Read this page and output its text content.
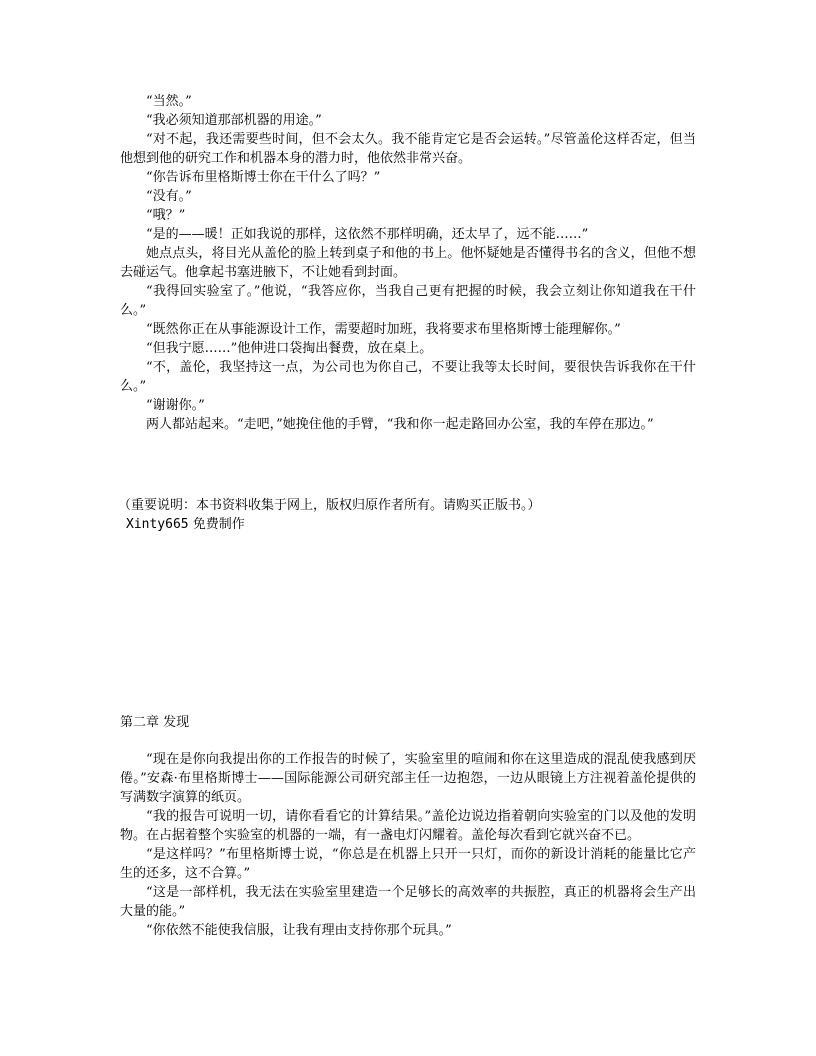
“当然。”

“我必须知道那部机器的用途。”

“对不起，我还需要些时间，但不会太久。我不能肯定它是否会运转。”尽管盖伦这样否定，但当他想到他的研究工作和机器本身的潜力时，他依然非常兴奋。

“你告诉布里格斯博士你在干什么了吗？”

“没有。”

“哦？”

“是的——暖！正如我说的那样，这依然不那样明确，还太早了，远不能……”

她点点头，将目光从盖伦的脸上转到桌子和他的书上。他怀疑她是否懂得书名的含义，但他不想去碰运气。他拿起书塞进腋下，不让她看到封面。

“我得回实验室了。”他说，“我答应你，当我自己更有把握的时候，我会立刻让你知道我在干什么。”

“既然你正在从事能源设计工作，需要超时加班，我将要求布里格斯博士能理解你。”

“但我宁愿……”他伸进口袋掏出餐费，放在桌上。

“不，盖伦，我坚持这一点，为公司也为你自己，不要让我等太长时间，要很快告诉我你在干什么。”

“谢谢你。”

两人都站起来。“走吧，”她挽住他的手臂，“我和你一起走路回办公室，我的车停在那边。”

（重要说明：本书资料收集于网上，版权归原作者所有。请购买正版书。）

Xinty665 免费制作

第二章 发现

“现在是你向我提出你的工作报告的时候了，实验室里的喧闹和你在这里造成的混乱使我感到厌倦。”安森·布里格斯博士——国际能源公司研究部主任一边抱怨，一边从眼镜上方注视着盖伦提供的写满数字演算的纸页。

“我的报告可说明一切，请你看看它的计算结果。”盖伦边说边指着朝向实验室的门以及他的发明物。在占据着整个实验室的机器的一端，有一盏电灯闪耀着。盖伦每次看到它就兴奋不已。

“是这样吗？”布里格斯博士说，“你总是在机器上只开一只灯，而你的新设计消耗的能量比它产生的还多，这不合算。”

“这是一部样机，我无法在实验室里建造一个足够长的高效率的共振腔，真正的机器将会生产出大量的能。”

“你依然不能使我信服，让我有理由支持你那个玩具。”
